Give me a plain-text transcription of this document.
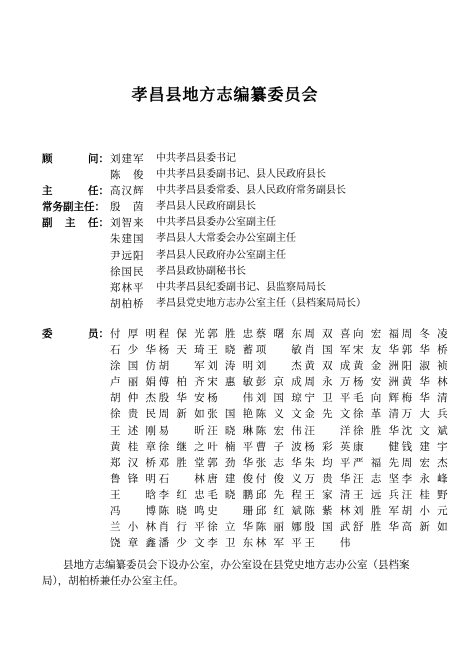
孝昌县地方志编纂委员会
顾	问： 刘建军	中共孝昌县委书记
陈　俊	中共孝昌县委副书记、县人民政府县长
主	任： 高汉辉	中共孝昌县委常委、县人民政府常务副县长
常务副主任： 殷　茵	孝昌县人民政府副县长
副 主 任： 刘智来	中共孝昌县委办公室副主任
朱建国	孝昌县人大常委会办公室副主任
尹远阳	孝昌县人民政府办公室副主任
徐国民	孝昌县政协副秘书长
郑林平	中共孝昌县纪委副书记、县监察局局长
胡柏桥	孝昌县党史地方志办公室主任（县档案局局长）
委	员： 付厚明 程保光 郭胜忠 蔡曙东 周双喜 向宏福 周冬凌
石少华 杨天琦 王晓蓄 项　敏 肖国军 宋友华 郭华桥
涂国仿 胡　军 刘涛明 刘　杰 黄双成 黄金洲 阳淑祯
卢丽娟 傅柏齐 宋惠敏 彭京成 周永万 杨安洲 黄华林
胡仲杰 殷华安 杨　伟 刘国琼 宁卫平 毛向辉 梅华清
徐贵民 周新如 张国艳 陈义文 金先文 徐革清 万大兵
王述刚 易　昕 汪晓琳 陈宏伟 汪　洋 徐胜华 沈文斌
黄桂章 徐继之 叶楠平 曹子波 杨彩英 康　健 钱建宇
郑汉桥 邓胜堂 郭劲华 张志华 朱均平 严福先 周宏杰
鲁锋明 石　林 唐建俊 付俊义 万贵华 汪志坚 李永峰
王　晗 李红忠 毛晓鹏 邱先程 王家清 王远兵 汪桂野
冯　博 陈晓鸣 史　珊 邱红斌 陈紫林 刘胜军 胡小元
兰小林 肖行平 徐立华 陈丽娜 殷国武 舒胜华 高新如
饶章鑫 潘少文 李卫东 林军平 王　伟

县地方志编纂委员会下设办公室，办公室设在县党史地方志办公室（县档案局），胡柏桥兼任办公室主任。
